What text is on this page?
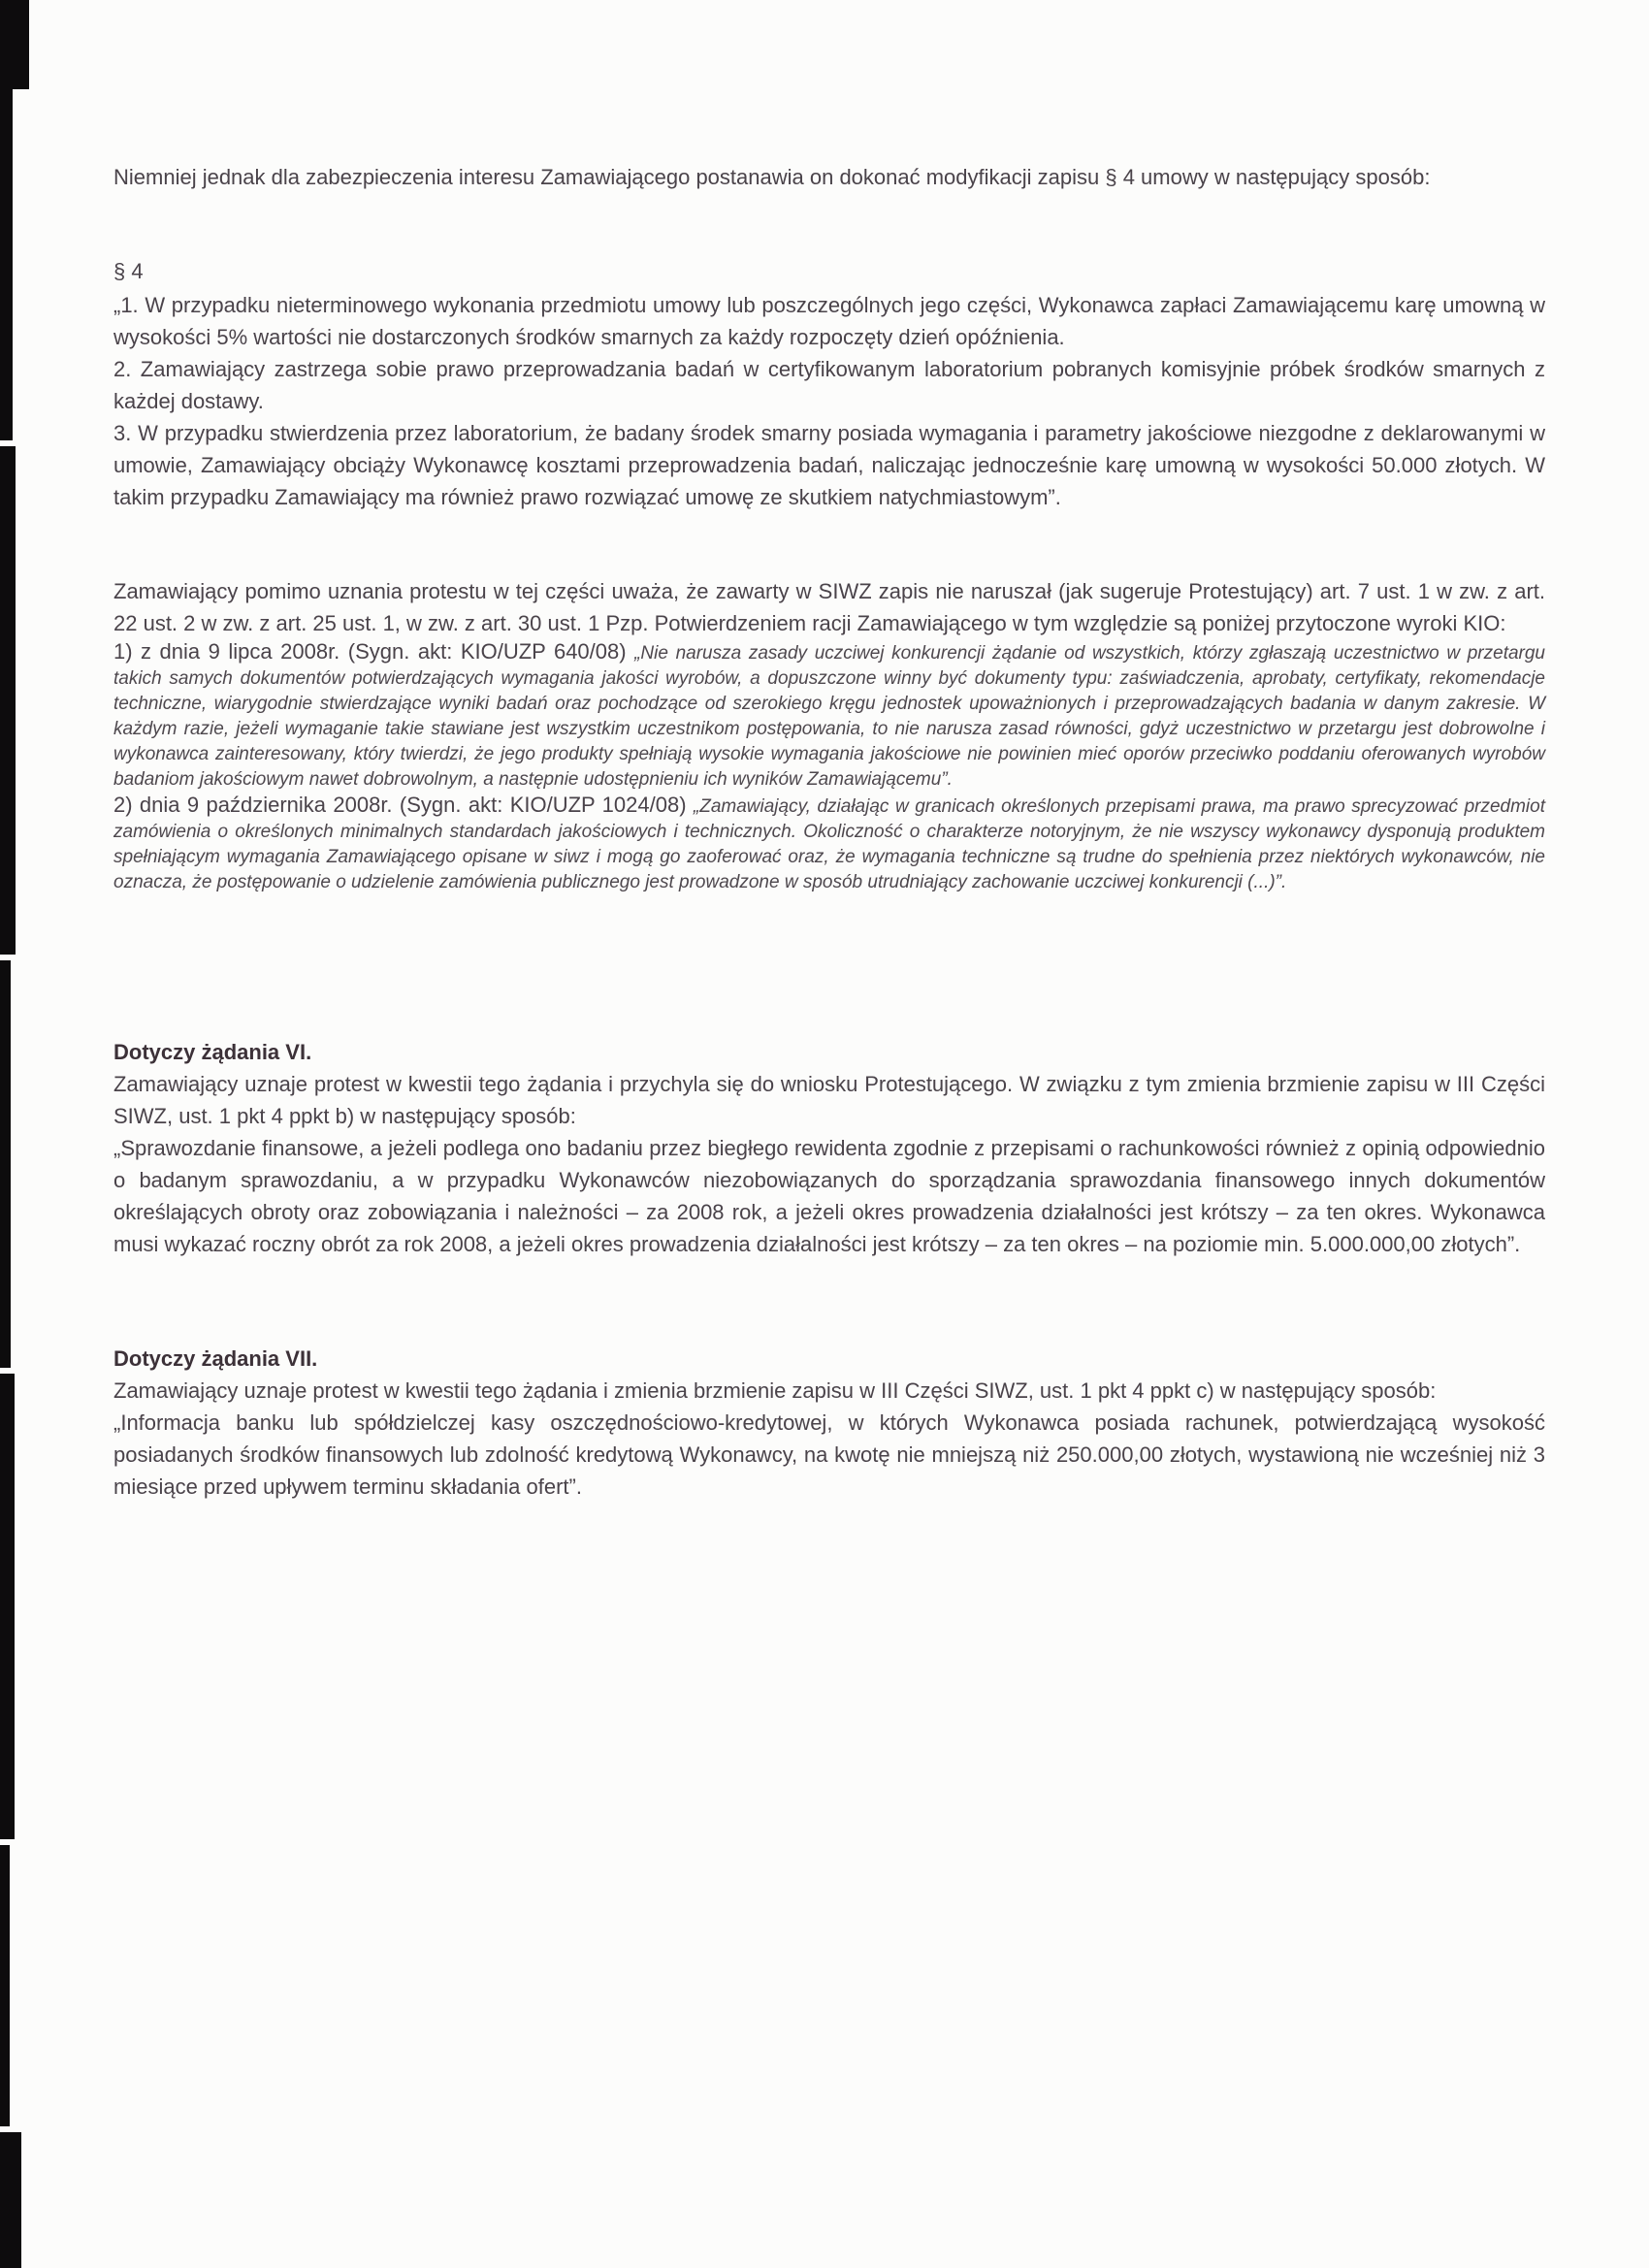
Niemniej jednak dla zabezpieczenia interesu Zamawiającego postanawia on dokonać modyfikacji zapisu § 4 umowy w następujący sposób:

§ 4

„1. W przypadku nieterminowego wykonania przedmiotu umowy lub poszczególnych jego części, Wykonawca zapłaci Zamawiającemu karę umowną w wysokości 5% wartości nie dostarczonych środków smarnych za każdy rozpoczęty dzień opóźnienia.

2. Zamawiający zastrzega sobie prawo przeprowadzania badań w certyfikowanym laboratorium pobranych komisyjnie próbek środków smarnych z każdej dostawy.

3. W przypadku stwierdzenia przez laboratorium, że badany środek smarny posiada wymagania i parametry jakościowe niezgodne z deklarowanymi w umowie, Zamawiający obciąży Wykonawcę kosztami przeprowadzenia badań, naliczając jednocześnie karę umowną w wysokości 50.000 złotych. W takim przypadku Zamawiający ma również prawo rozwiązać umowę ze skutkiem natychmiastowym”.

Zamawiający pomimo uznania protestu w tej części uważa, że zawarty w SIWZ zapis nie naruszał (jak sugeruje Protestujący) art. 7 ust. 1 w zw. z art. 22 ust. 2 w zw. z art. 25 ust. 1, w zw. z art. 30 ust. 1 Pzp. Potwierdzeniem racji Zamawiającego w tym względzie są poniżej przytoczone wyroki KIO:

1) z dnia 9 lipca 2008r. (Sygn. akt: KIO/UZP 640/08) „Nie narusza zasady uczciwej konkurencji żądanie od wszystkich, którzy zgłaszają uczestnictwo w przetargu takich samych dokumentów potwierdzających wymagania jakości wyrobów, a dopuszczone winny być dokumenty typu: zaświadczenia, aprobaty, certyfikaty, rekomendacje techniczne, wiarygodnie stwierdzające wyniki badań oraz pochodzące od szerokiego kręgu jednostek upoważnionych i przeprowadzających badania w danym zakresie. W każdym razie, jeżeli wymaganie takie stawiane jest wszystkim uczestnikom postępowania, to nie narusza zasad równości, gdyż uczestnictwo w przetargu jest dobrowolne i wykonawca zainteresowany, który twierdzi, że jego produkty spełniają wysokie wymagania jakościowe nie powinien mieć oporów przeciwko poddaniu oferowanych wyrobów badaniom jakościowym nawet dobrowolnym, a następnie udostępnieniu ich wyników Zamawiającemu”.

2) dnia 9 października 2008r. (Sygn. akt: KIO/UZP 1024/08) „Zamawiający, działając w granicach określonych przepisami prawa, ma prawo sprecyzować przedmiot zamówienia o określonych minimalnych standardach jakościowych i technicznych. Okoliczność o charakterze notoryjnym, że nie wszyscy wykonawcy dysponują produktem spełniającym wymagania Zamawiającego opisane w siwz i mogą go zaoferować oraz, że wymagania techniczne są trudne do spełnienia przez niektórych wykonawców, nie oznacza, że postępowanie o udzielenie zamówienia publicznego jest prowadzone w sposób utrudniający zachowanie uczciwej konkurencji (...)”.

Dotyczy żądania VI.

Zamawiający uznaje protest w kwestii tego żądania i przychyla się do wniosku Protestującego. W związku z tym zmienia brzmienie zapisu w III Części SIWZ, ust. 1 pkt 4 ppkt b) w następujący sposób:

„Sprawozdanie finansowe, a jeżeli podlega ono badaniu przez biegłego rewidenta zgodnie z przepisami o rachunkowości również z opinią odpowiednio o badanym sprawozdaniu, a w przypadku Wykonawców niezobowiązanych do sporządzania sprawozdania finansowego innych dokumentów określających obroty oraz zobowiązania i należności – za 2008 rok, a jeżeli okres prowadzenia działalności jest krótszy – za ten okres. Wykonawca musi wykazać roczny obrót za rok 2008, a jeżeli okres prowadzenia działalności jest krótszy – za ten okres – na poziomie min. 5.000.000,00 złotych”.

Dotyczy żądania VII.

Zamawiający uznaje protest w kwestii tego żądania i zmienia brzmienie zapisu w III Części SIWZ, ust. 1 pkt 4 ppkt c) w następujący sposób:

„Informacja banku lub spółdzielczej kasy oszczędnościowo-kredytowej, w których Wykonawca posiada rachunek, potwierdzającą wysokość posiadanych środków finansowych lub zdolność kredytową Wykonawcy, na kwotę nie mniejszą niż 250.000,00 złotych, wystawioną nie wcześniej niż 3 miesiące przed upływem terminu składania ofert”.
